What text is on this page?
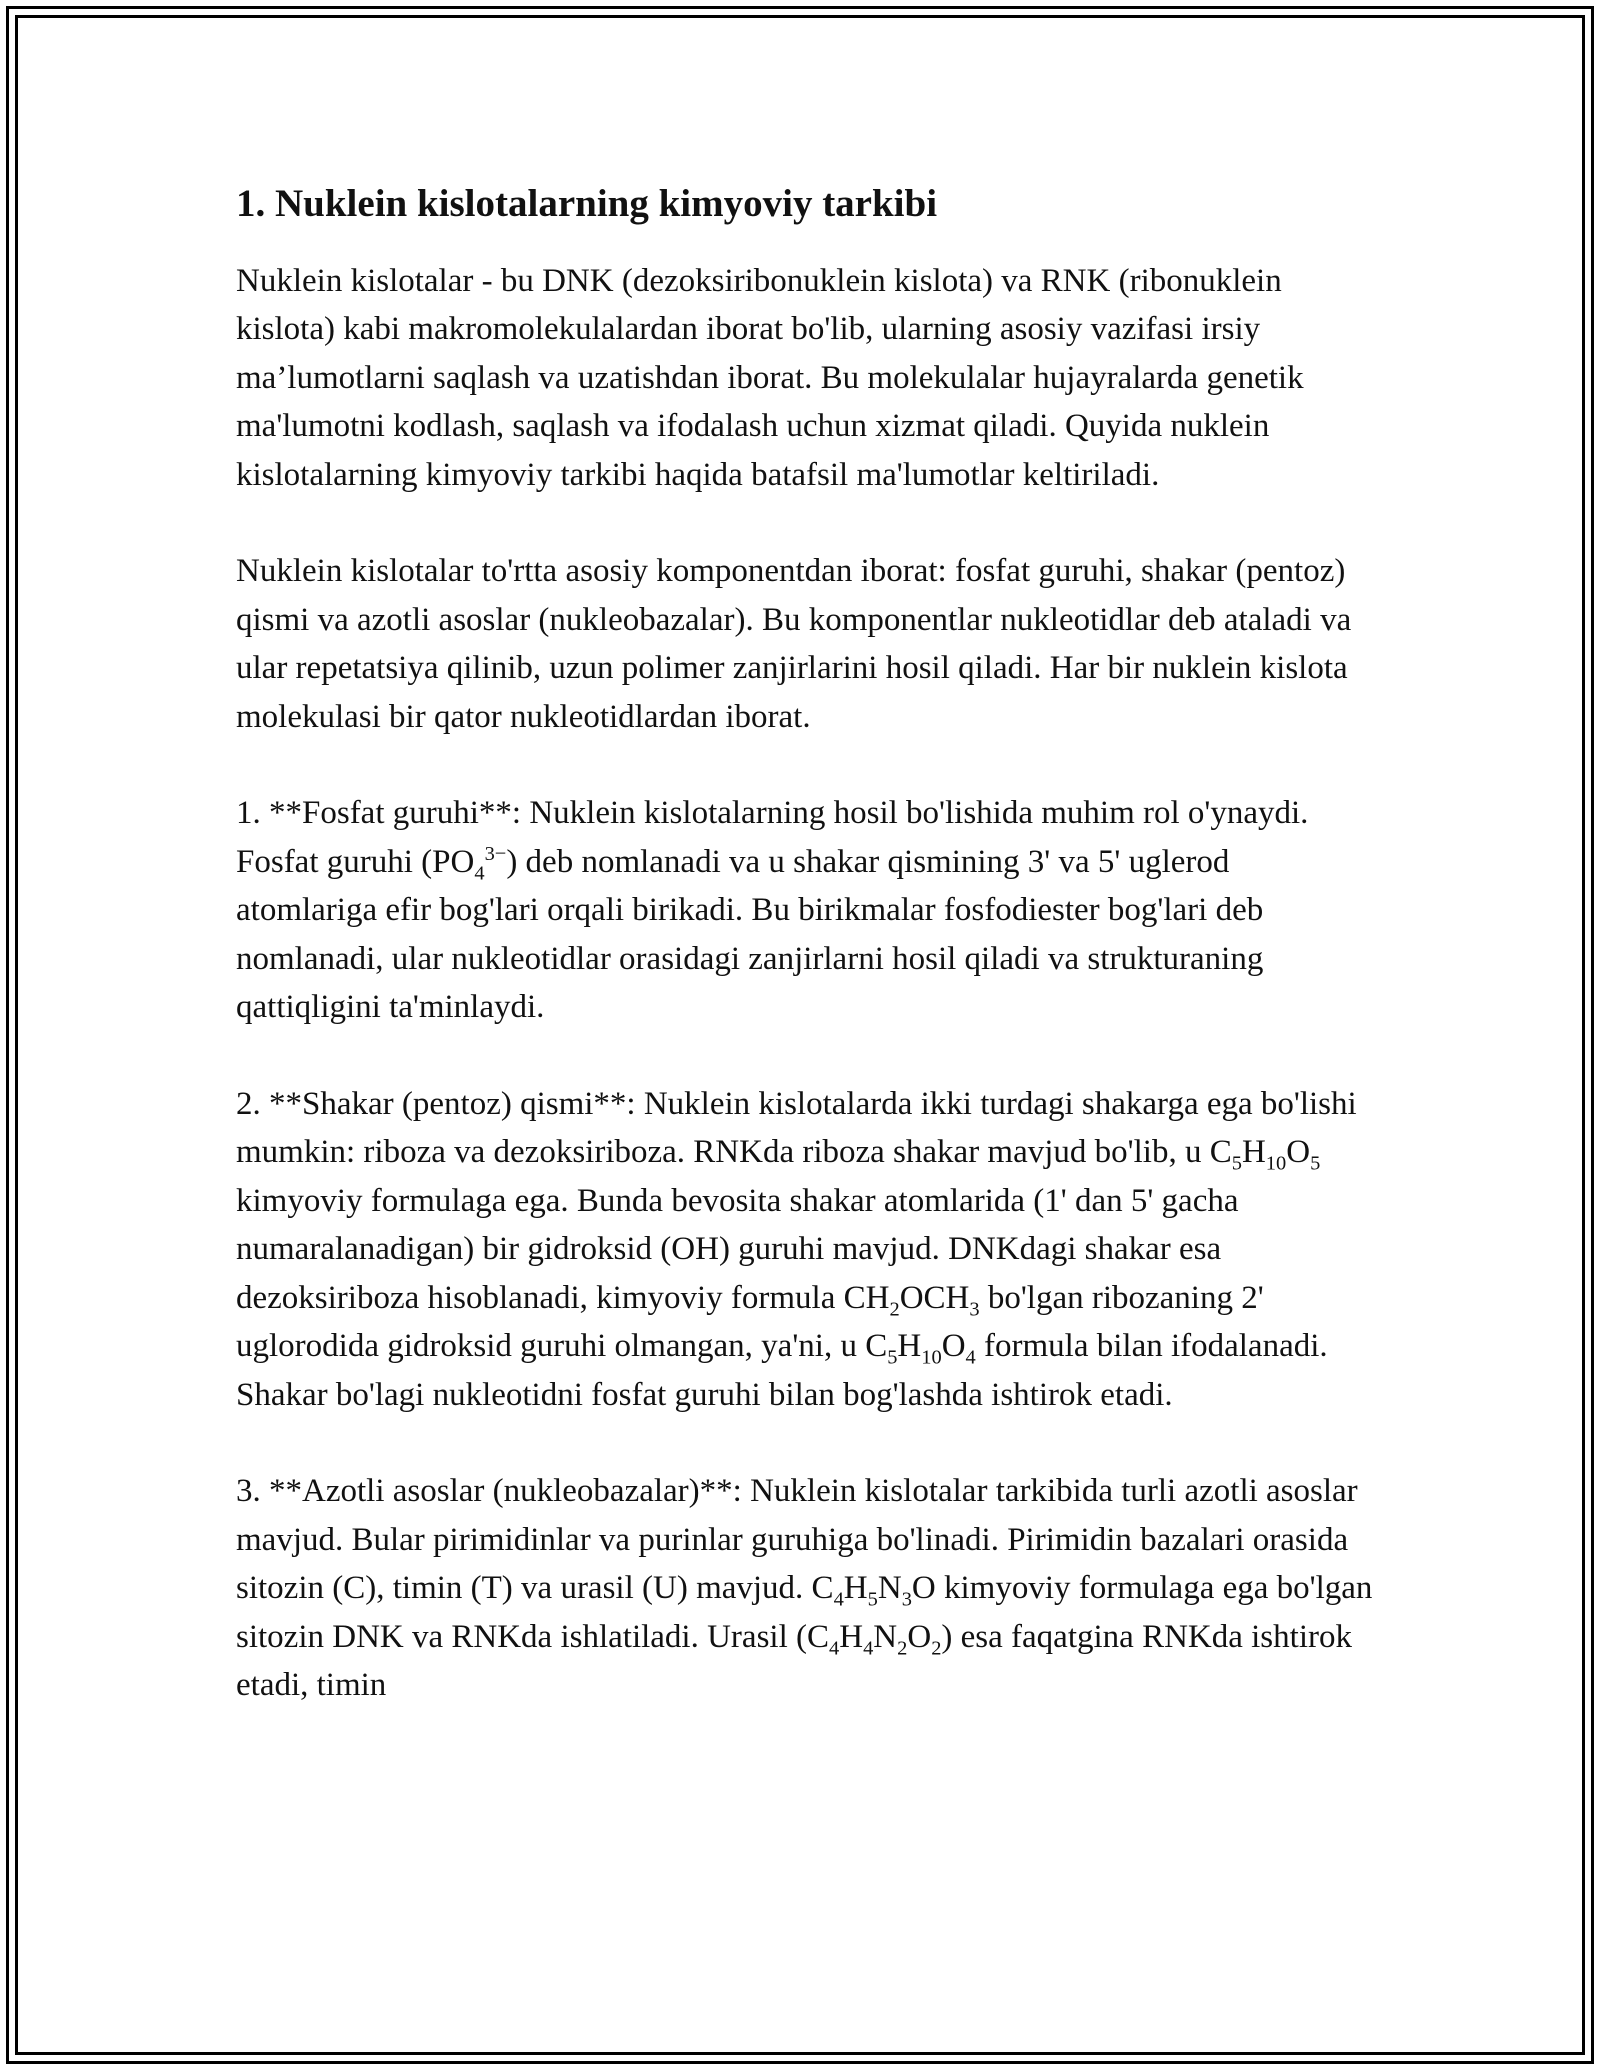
1. Nuklein kislotalarning kimyoviy tarkibi

Nuklein kislotalar - bu DNK (dezoksiribonuklein kislota) va RNK (ribonuklein kislota) kabi makromolekulalardan iborat bo'lib, ularning asosiy vazifasi irsiy ma’lumotlarni saqlash va uzatishdan iborat. Bu molekulalar hujayralarda genetik ma'lumotni kodlash, saqlash va ifodalash uchun xizmat qiladi. Quyida nuklein kislotalarning kimyoviy tarkibi haqida batafsil ma'lumotlar keltiriladi.

Nuklein kislotalar to'rtta asosiy komponentdan iborat: fosfat guruhi, shakar (pentoz) qismi va azotli asoslar (nukleobazalar). Bu komponentlar nukleotidlar deb ataladi va ular repetatsiya qilinib, uzun polimer zanjirlarini hosil qiladi. Har bir nuklein kislota molekulasi bir qator nukleotidlardan iborat.

1. **Fosfat guruhi**: Nuklein kislotalarning hosil bo'lishida muhim rol o'ynaydi. Fosfat guruhi $(PO_4^{3-})$ deb nomlanadi va u shakar qismining 3' va 5' uglerod atomlariga efir bog'lari orqali birikadi. Bu birikmalar fosfodiester bog'lari deb nomlanadi, ular nukleotidlar orasidagi zanjirlarni hosil qiladi va strukturaning qattiqligini ta'minlaydi.

2. **Shakar (pentoz) qismi**: Nuklein kislotalarda ikki turdagi shakarga ega bo'lishi mumkin: riboza va dezoksiriboza. RNKda riboza shakar mavjud bo'lib, u $C_5H_{10}O_5$ kimyoviy formulaga ega. Bunda bevosita shakar atomlarida (1' dan 5' gacha numaralanadigan) bir gidroksid (OH) guruhi mavjud. DNKdagi shakar esa dezoksiriboza hisoblanadi, kimyoviy formula $CH_2OCH_3$ bo'lgan ribozaning 2' uglorodida gidroksid guruhi olmangan, ya'ni, u $C_5H_{10}O_4$ formula bilan ifodalanadi. Shakar bo'lagi nukleotidni fosfat guruhi bilan bog'lashda ishtirok etadi.

3. **Azotli asoslar (nukleobazalar)**: Nuklein kislotalar tarkibida turli azotli asoslar mavjud. Bular pirimidinlar va purinlar guruhiga bo'linadi. Pirimidin bazalari orasida sitozin (C), timin (T) va urasil (U) mavjud. $C_4H_5N_3O$ kimyoviy formulaga ega bo'lgan sitozin DNK va RNKda ishlatiladi. Urasil $(C_4H_4N_2O_2)$ esa faqatgina RNKda ishtirok etadi, timin
